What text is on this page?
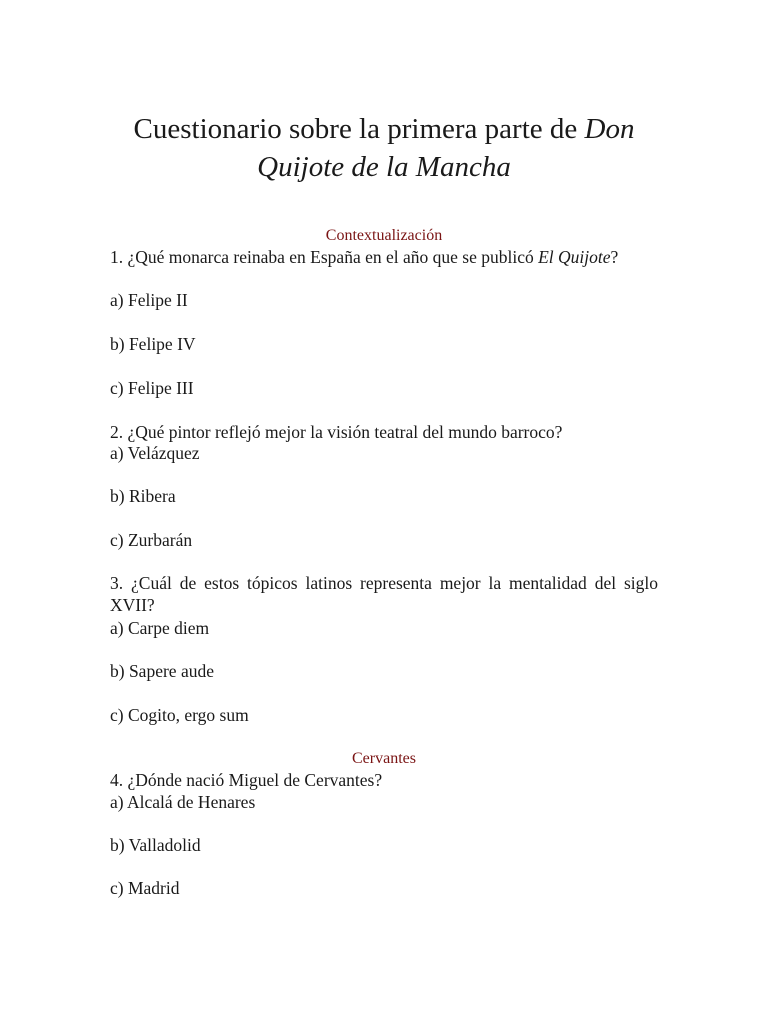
Cuestionario sobre la primera parte de Don Quijote de la Mancha
Contextualización
1. ¿Qué monarca reinaba en España en el año que se publicó El Quijote?
a) Felipe II
b) Felipe IV
c) Felipe III
2. ¿Qué pintor reflejó mejor la visión teatral del mundo barroco?
a) Velázquez
b) Ribera
c) Zurbarán
3. ¿Cuál de estos tópicos latinos representa mejor la mentalidad del siglo XVII?
a) Carpe diem
b) Sapere aude
c) Cogito, ergo sum
Cervantes
4. ¿Dónde nació Miguel de Cervantes?
a) Alcalá de Henares
b) Valladolid
c) Madrid
